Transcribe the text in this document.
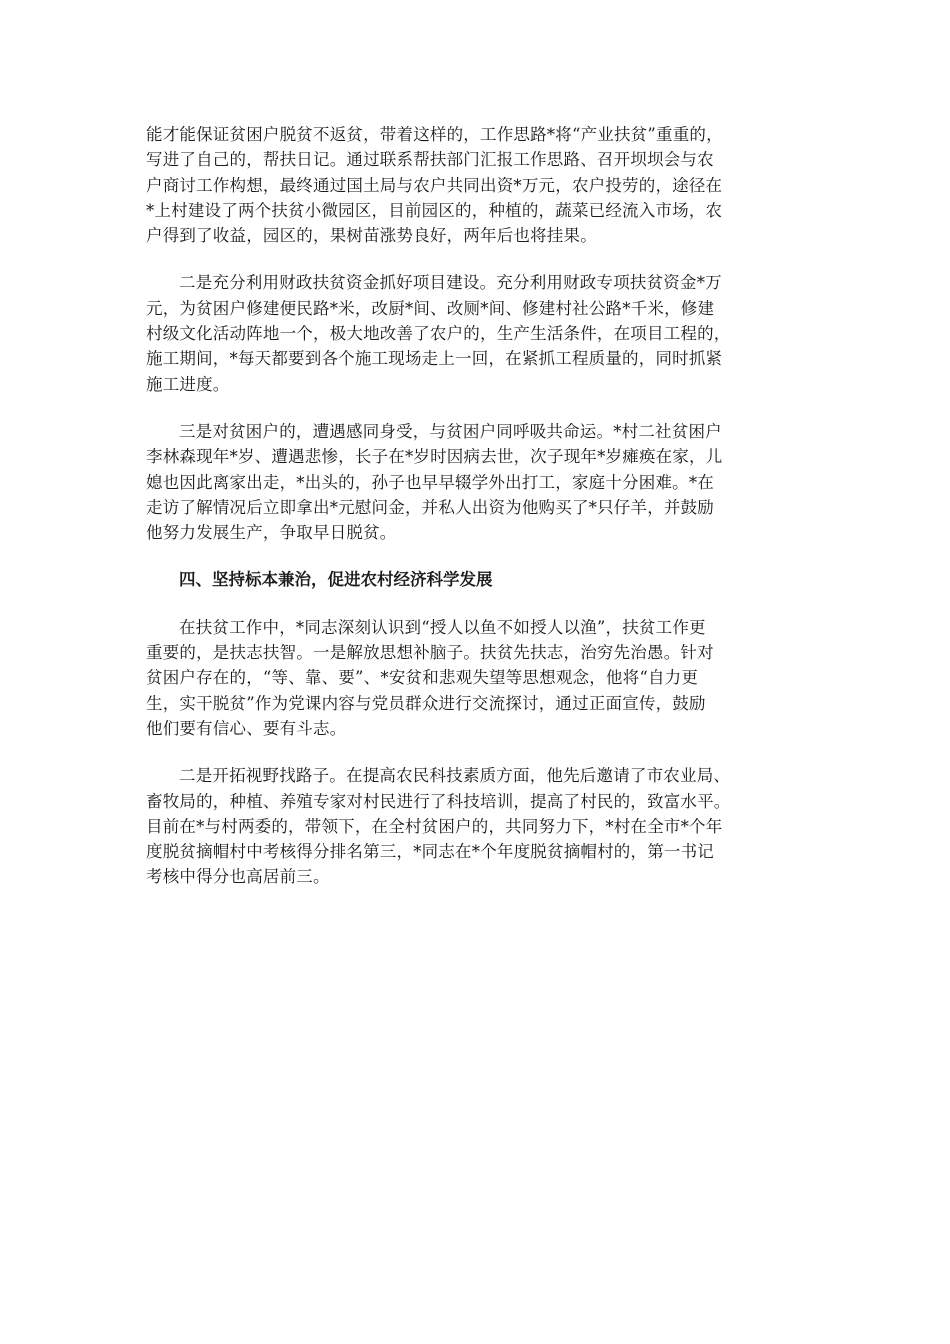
能才能保证贫困户脱贫不返贫，带着这样的，工作思路*将“产业扶贫”重重的，
写进了自己的，帮扶日记。通过联系帮扶部门汇报工作思路、召开坝坝会与农
户商讨工作构想，最终通过国土局与农户共同出资*万元，农户投劳的，途径在
*上村建设了两个扶贫小微园区，目前园区的，种植的，蔬菜已经流入市场，农
户得到了收益，园区的，果树苗涨势良好，两年后也将挂果。
二是充分利用财政扶贫资金抓好项目建设。充分利用财政专项扶贫资金*万
元，为贫困户修建便民路*米，改厨*间、改厕*间、修建村社公路*千米，修建
村级文化活动阵地一个，极大地改善了农户的，生产生活条件，在项目工程的，
施工期间，*每天都要到各个施工现场走上一回，在紧抓工程质量的，同时抓紧
施工进度。
三是对贫困户的，遭遇感同身受，与贫困户同呼吸共命运。*村二社贫困户
李林森现年*岁、遭遇悲惨，长子在*岁时因病去世，次子现年*岁瘫痪在家，儿
媳也因此离家出走，*出头的，孙子也早早辍学外出打工，家庭十分困难。*在
走访了解情况后立即拿出*元慰问金，并私人出资为他购买了*只仔羊，并鼓励
他努力发展生产，争取早日脱贫。
四、坚持标本兼治，促进农村经济科学发展
在扶贫工作中，*同志深刻认识到“授人以鱼不如授人以渔”，扶贫工作更
重要的，是扶志扶智。一是解放思想补脑子。扶贫先扶志，治穷先治愚。针对
贫困户存在的，“等、靠、要”、*安贫和悲观失望等思想观念，他将“自力更
生，实干脱贫”作为党课内容与党员群众进行交流探讨，通过正面宣传，鼓励
他们要有信心、要有斗志。
二是开拓视野找路子。在提高农民科技素质方面，他先后邀请了市农业局、
畜牧局的，种植、养殖专家对村民进行了科技培训，提高了村民的，致富水平。
目前在*与村两委的，带领下，在全村贫困户的，共同努力下，*村在全市*个年
度脱贫摘帽村中考核得分排名第三，*同志在*个年度脱贫摘帽村的，第一书记
考核中得分也高居前三。
